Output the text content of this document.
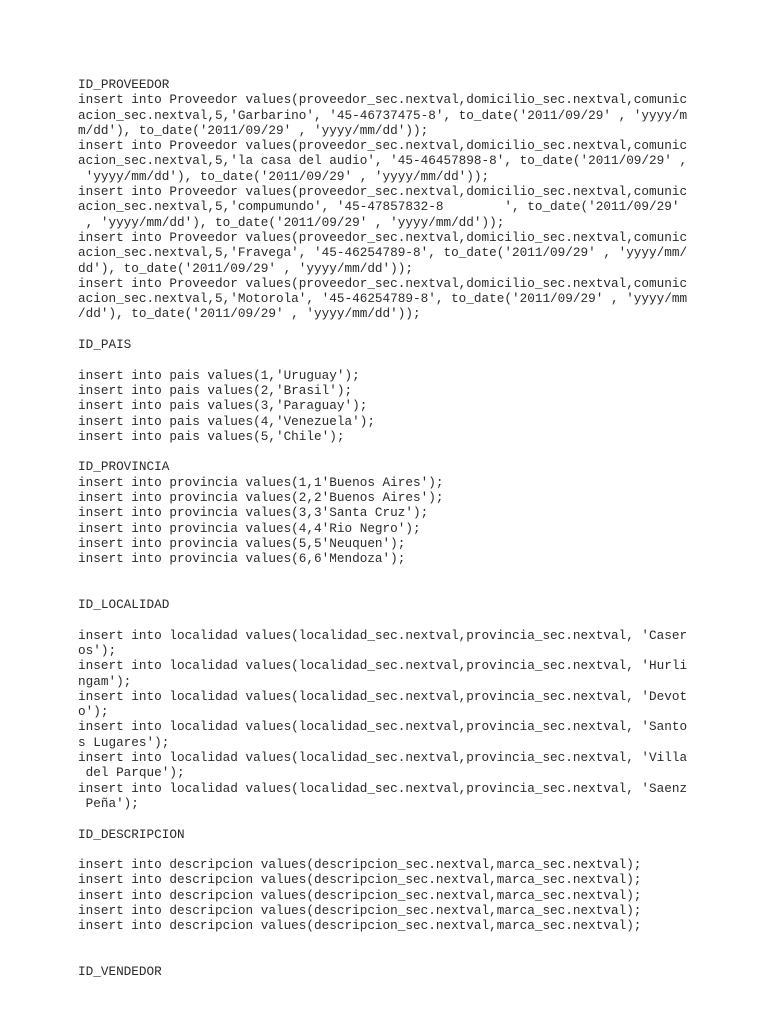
ID_PROVEEDOR
insert into Proveedor values(proveedor_sec.nextval,domicilio_sec.nextval,comunic
acion_sec.nextval,5,'Garbarino', '45-46737475-8', to_date('2011/09/29' , 'yyyy/m
m/dd'), to_date('2011/09/29' , 'yyyy/mm/dd'));
insert into Proveedor values(proveedor_sec.nextval,domicilio_sec.nextval,comunic
acion_sec.nextval,5,'la casa del audio', '45-46457898-8', to_date('2011/09/29' ,
'yyyy/mm/dd'), to_date('2011/09/29' , 'yyyy/mm/dd'));
insert into Proveedor values(proveedor_sec.nextval,domicilio_sec.nextval,comunic
acion_sec.nextval,5,'compumundo', '45-47857832-8        ', to_date('2011/09/29'
, 'yyyy/mm/dd'), to_date('2011/09/29' , 'yyyy/mm/dd'));
insert into Proveedor values(proveedor_sec.nextval,domicilio_sec.nextval,comunic
acion_sec.nextval,5,'Fravega', '45-46254789-8', to_date('2011/09/29' , 'yyyy/mm/
dd'), to_date('2011/09/29' , 'yyyy/mm/dd'));
insert into Proveedor values(proveedor_sec.nextval,domicilio_sec.nextval,comunic
acion_sec.nextval,5,'Motorola', '45-46254789-8', to_date('2011/09/29' , 'yyyy/mm
/dd'), to_date('2011/09/29' , 'yyyy/mm/dd'));
ID_PAIS
insert into pais values(1,'Uruguay');
insert into pais values(2,'Brasil');
insert into pais values(3,'Paraguay');
insert into pais values(4,'Venezuela');
insert into pais values(5,'Chile');
ID_PROVINCIA
insert into provincia values(1,1'Buenos Aires');
insert into provincia values(2,2'Buenos Aires');
insert into provincia values(3,3'Santa Cruz');
insert into provincia values(4,4'Rio Negro');
insert into provincia values(5,5'Neuquen');
insert into provincia values(6,6'Mendoza');
ID_LOCALIDAD
insert into localidad values(localidad_sec.nextval,provincia_sec.nextval, 'Caser
os');
insert into localidad values(localidad_sec.nextval,provincia_sec.nextval, 'Hurli
ngam');
insert into localidad values(localidad_sec.nextval,provincia_sec.nextval, 'Devot
o');
insert into localidad values(localidad_sec.nextval,provincia_sec.nextval, 'Santo
s Lugares');
insert into localidad values(localidad_sec.nextval,provincia_sec.nextval, 'Villa
del Parque');
insert into localidad values(localidad_sec.nextval,provincia_sec.nextval, 'Saenz
Peña');
ID_DESCRIPCION
insert into descripcion values(descripcion_sec.nextval,marca_sec.nextval);
insert into descripcion values(descripcion_sec.nextval,marca_sec.nextval);
insert into descripcion values(descripcion_sec.nextval,marca_sec.nextval);
insert into descripcion values(descripcion_sec.nextval,marca_sec.nextval);
insert into descripcion values(descripcion_sec.nextval,marca_sec.nextval);
ID_VENDEDOR
